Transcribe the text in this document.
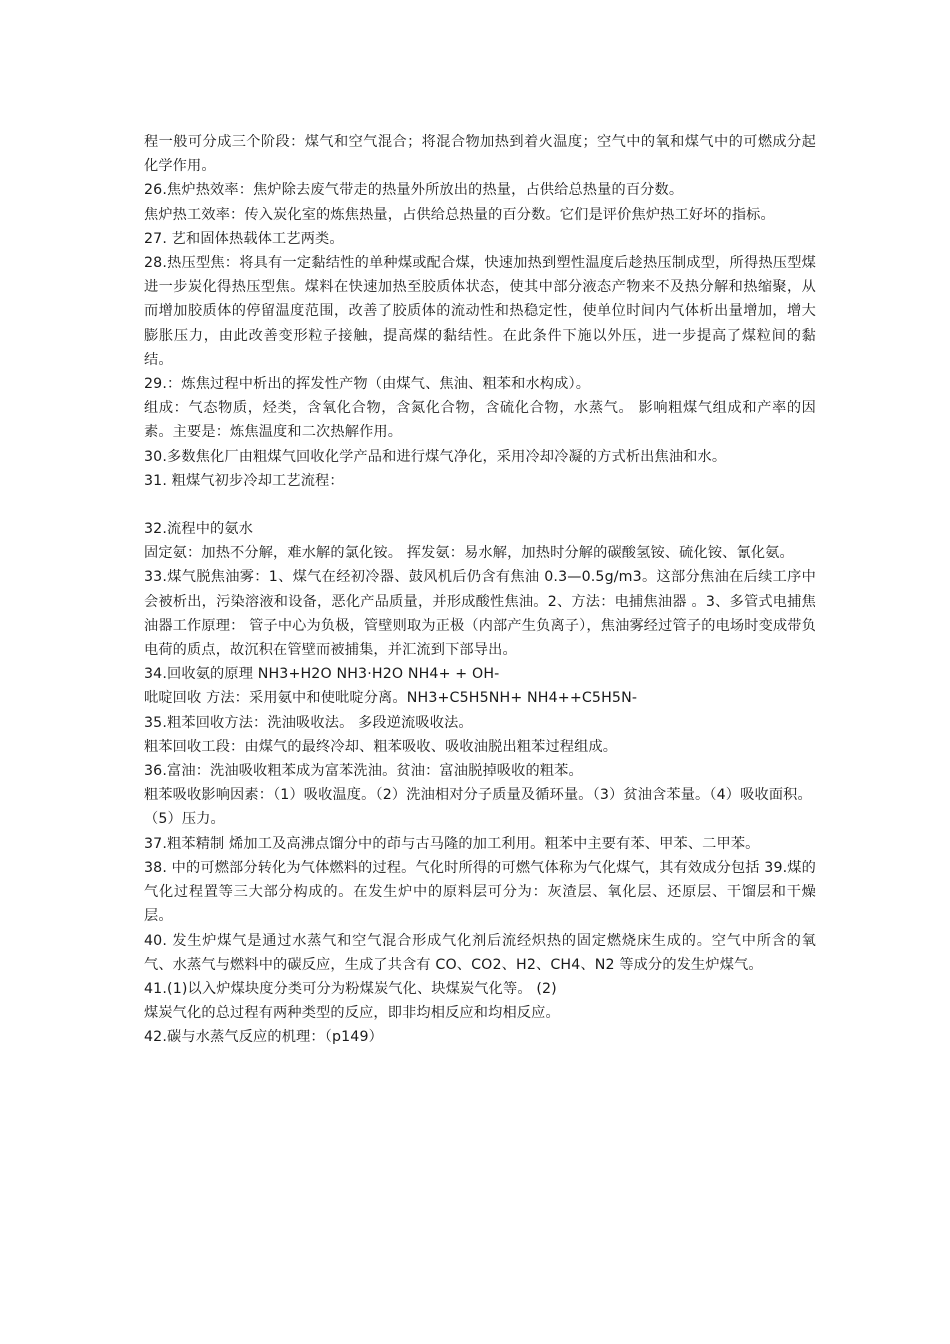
程一般可分成三个阶段：煤气和空气混合；将混合物加热到着火温度；空气中的氧和煤气中的可燃成分起化学作用。

26.焦炉热效率：焦炉除去废气带走的热量外所放出的热量，占供给总热量的百分数。

焦炉热工效率：传入炭化室的炼焦热量，占供给总热量的百分数。它们是评价焦炉热工好坏的指标。

27. 艺和固体热载体工艺两类。

28.热压型焦：将具有一定黏结性的单种煤或配合煤，快速加热到塑性温度后趁热压制成型，所得热压型煤进一步炭化得热压型焦。煤料在快速加热至胶质体状态，使其中部分液态产物来不及热分解和热缩聚，从而增加胶质体的停留温度范围，改善了胶质体的流动性和热稳定性，使单位时间内气体析出量增加，增大膨胀压力，由此改善变形粒子接触，提高煤的黏结性。在此条件下施以外压，进一步提高了煤粒间的黏结。

29.：炼焦过程中析出的挥发性产物（由煤气、焦油、粗苯和水构成）。

组成：气态物质，烃类，含氧化合物，含氮化合物，含硫化合物，水蒸气。 影响粗煤气组成和产率的因素。主要是：炼焦温度和二次热解作用。

30.多数焦化厂由粗煤气回收化学产品和进行煤气净化，采用冷却冷凝的方式析出焦油和水。

31. 粗煤气初步冷却工艺流程：

32.流程中的氨水

固定氨：加热不分解，难水解的氯化铵。 挥发氨：易水解，加热时分解的碳酸氢铵、硫化铵、氰化氨。

33.煤气脱焦油雾：1、煤气在经初冷器、鼓风机后仍含有焦油 0.3—0.5g/m3。这部分焦油在后续工序中会被析出，污染溶液和设备，恶化产品质量，并形成酸性焦油。2、方法：电捕焦油器 。3、多管式电捕焦油器工作原理： 管子中心为负极，管壁则取为正极（内部产生负离子），焦油雾经过管子的电场时变成带负电荷的质点，故沉积在管壁而被捕集，并汇流到下部导出。

34.回收氨的原理 NH3+H2O NH3·H2O NH4+ + OH-

吡啶回收 方法：采用氨中和使吡啶分离。NH3+C5H5NH+ NH4++C5H5N-

35.粗苯回收方法：洗油吸收法。 多段逆流吸收法。

粗苯回收工段：由煤气的最终冷却、粗苯吸收、吸收油脱出粗苯过程组成。

36.富油：洗油吸收粗苯成为富苯洗油。贫油：富油脱掉吸收的粗苯。

粗苯吸收影响因素：（1）吸收温度。（2）洗油相对分子质量及循环量。（3）贫油含苯量。（4）吸收面积。

（5）压力。

37.粗苯精制 烯加工及高沸点馏分中的茚与古马隆的加工利用。粗苯中主要有苯、甲苯、二甲苯。

38. 中的可燃部分转化为气体燃料的过程。气化时所得的可燃气体称为气化煤气，其有效成分包括 39.煤的气化过程置等三大部分构成的。在发生炉中的原料层可分为：灰渣层、氧化层、还原层、干馏层和干燥层。

40. 发生炉煤气是通过水蒸气和空气混合形成气化剂后流经炽热的固定燃烧床生成的。空气中所含的氧气、水蒸气与燃料中的碳反应，生成了共含有 CO、CO2、H2、CH4、N2 等成分的发生炉煤气。

41.(1)以入炉煤块度分类可分为粉煤炭气化、块煤炭气化等。 (2)

煤炭气化的总过程有两种类型的反应，即非均相反应和均相反应。

42.碳与水蒸气反应的机理：（p149）
